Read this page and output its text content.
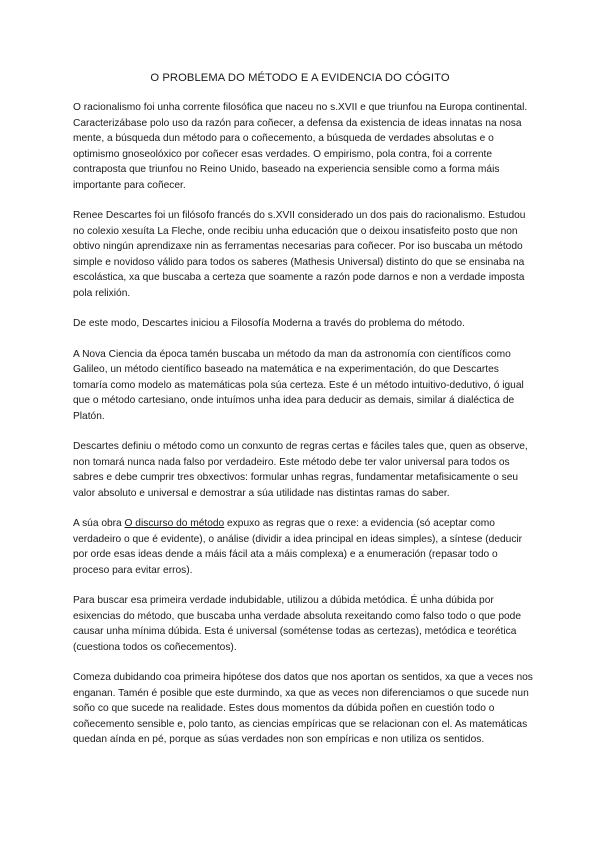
O PROBLEMA DO MÉTODO E A EVIDENCIA DO CÓGITO

O racionalismo foi unha corrente filosófica que naceu no s.XVII e que triunfou na Europa continental. Caracterizábase polo uso da razón para coñecer, a defensa da existencia de ideas innatas na nosa mente, a búsqueda dun método para o coñecemento, a búsqueda de verdades absolutas e o optimismo gnoseolóxico por coñecer esas verdades. O empirismo, pola contra, foi a corrente contraposta que triunfou no Reino Unido, baseado na experiencia sensible como a forma máis importante para coñecer.

Renee Descartes foi un filósofo francés do s.XVII considerado un dos pais do racionalismo. Estudou no colexio xesuíta La Fleche, onde recibiu unha educación que o deixou insatisfeito posto que non obtivo ningún aprendizaxe nin as ferramentas necesarias para coñecer. Por iso buscaba un método simple e novidoso válido para todos os saberes (Mathesis Universal) distinto do que se ensinaba na escolástica, xa que buscaba a certeza que soamente a razón pode darnos e non a verdade imposta pola relixión.

De este modo, Descartes iniciou a Filosofía Moderna a través do problema do método.

A Nova Ciencia da época tamén buscaba un método da man da astronomía con científicos como Galileo, un método científico baseado na matemática e na experimentación, do que Descartes tomaría como modelo as matemáticas pola súa certeza. Este é un método intuitivo-dedutivo, ó igual que o método cartesiano, onde intuímos unha idea para deducir as demais, similar á dialéctica de Platón.

Descartes definiu o método como un conxunto de regras certas e fáciles tales que, quen as observe, non tomará nunca nada falso por verdadeiro. Este método debe ter valor universal para todos os sabres e debe cumprir tres obxectivos: formular unhas regras, fundamentar metafisicamente o seu valor absoluto e universal e demostrar a súa utilidade nas distintas ramas do saber.

A súa obra O discurso do método expuxo as regras que o rexe: a evidencia (só aceptar como verdadeiro o que é evidente), o análise (dividir a idea principal en ideas simples), a síntese (deducir por orde esas ideas dende a máis fácil ata a máis complexa) e a enumeración (repasar todo o proceso para evitar erros).

Para buscar esa primeira verdade indubidable, utilizou a dúbida metódica. É unha dúbida por esixencias do método, que buscaba unha verdade absoluta rexeitando como falso todo o que pode causar unha mínima dúbida. Esta é universal (sométense todas as certezas), metódica e teorética (cuestiona todos os coñecementos).

Comeza dubidando coa primeira hipótese dos datos que nos aportan os sentidos, xa que a veces nos enganan. Tamén é posible que este durmindo, xa que as veces non diferenciamos o que sucede nun soño co que sucede na realidade. Estes dous momentos da dúbida poñen en cuestión todo o coñecemento sensible e, polo tanto, as ciencias empíricas que se relacionan con el. As matemáticas quedan aínda en pé, porque as súas verdades non son empíricas e non utiliza os sentidos.
